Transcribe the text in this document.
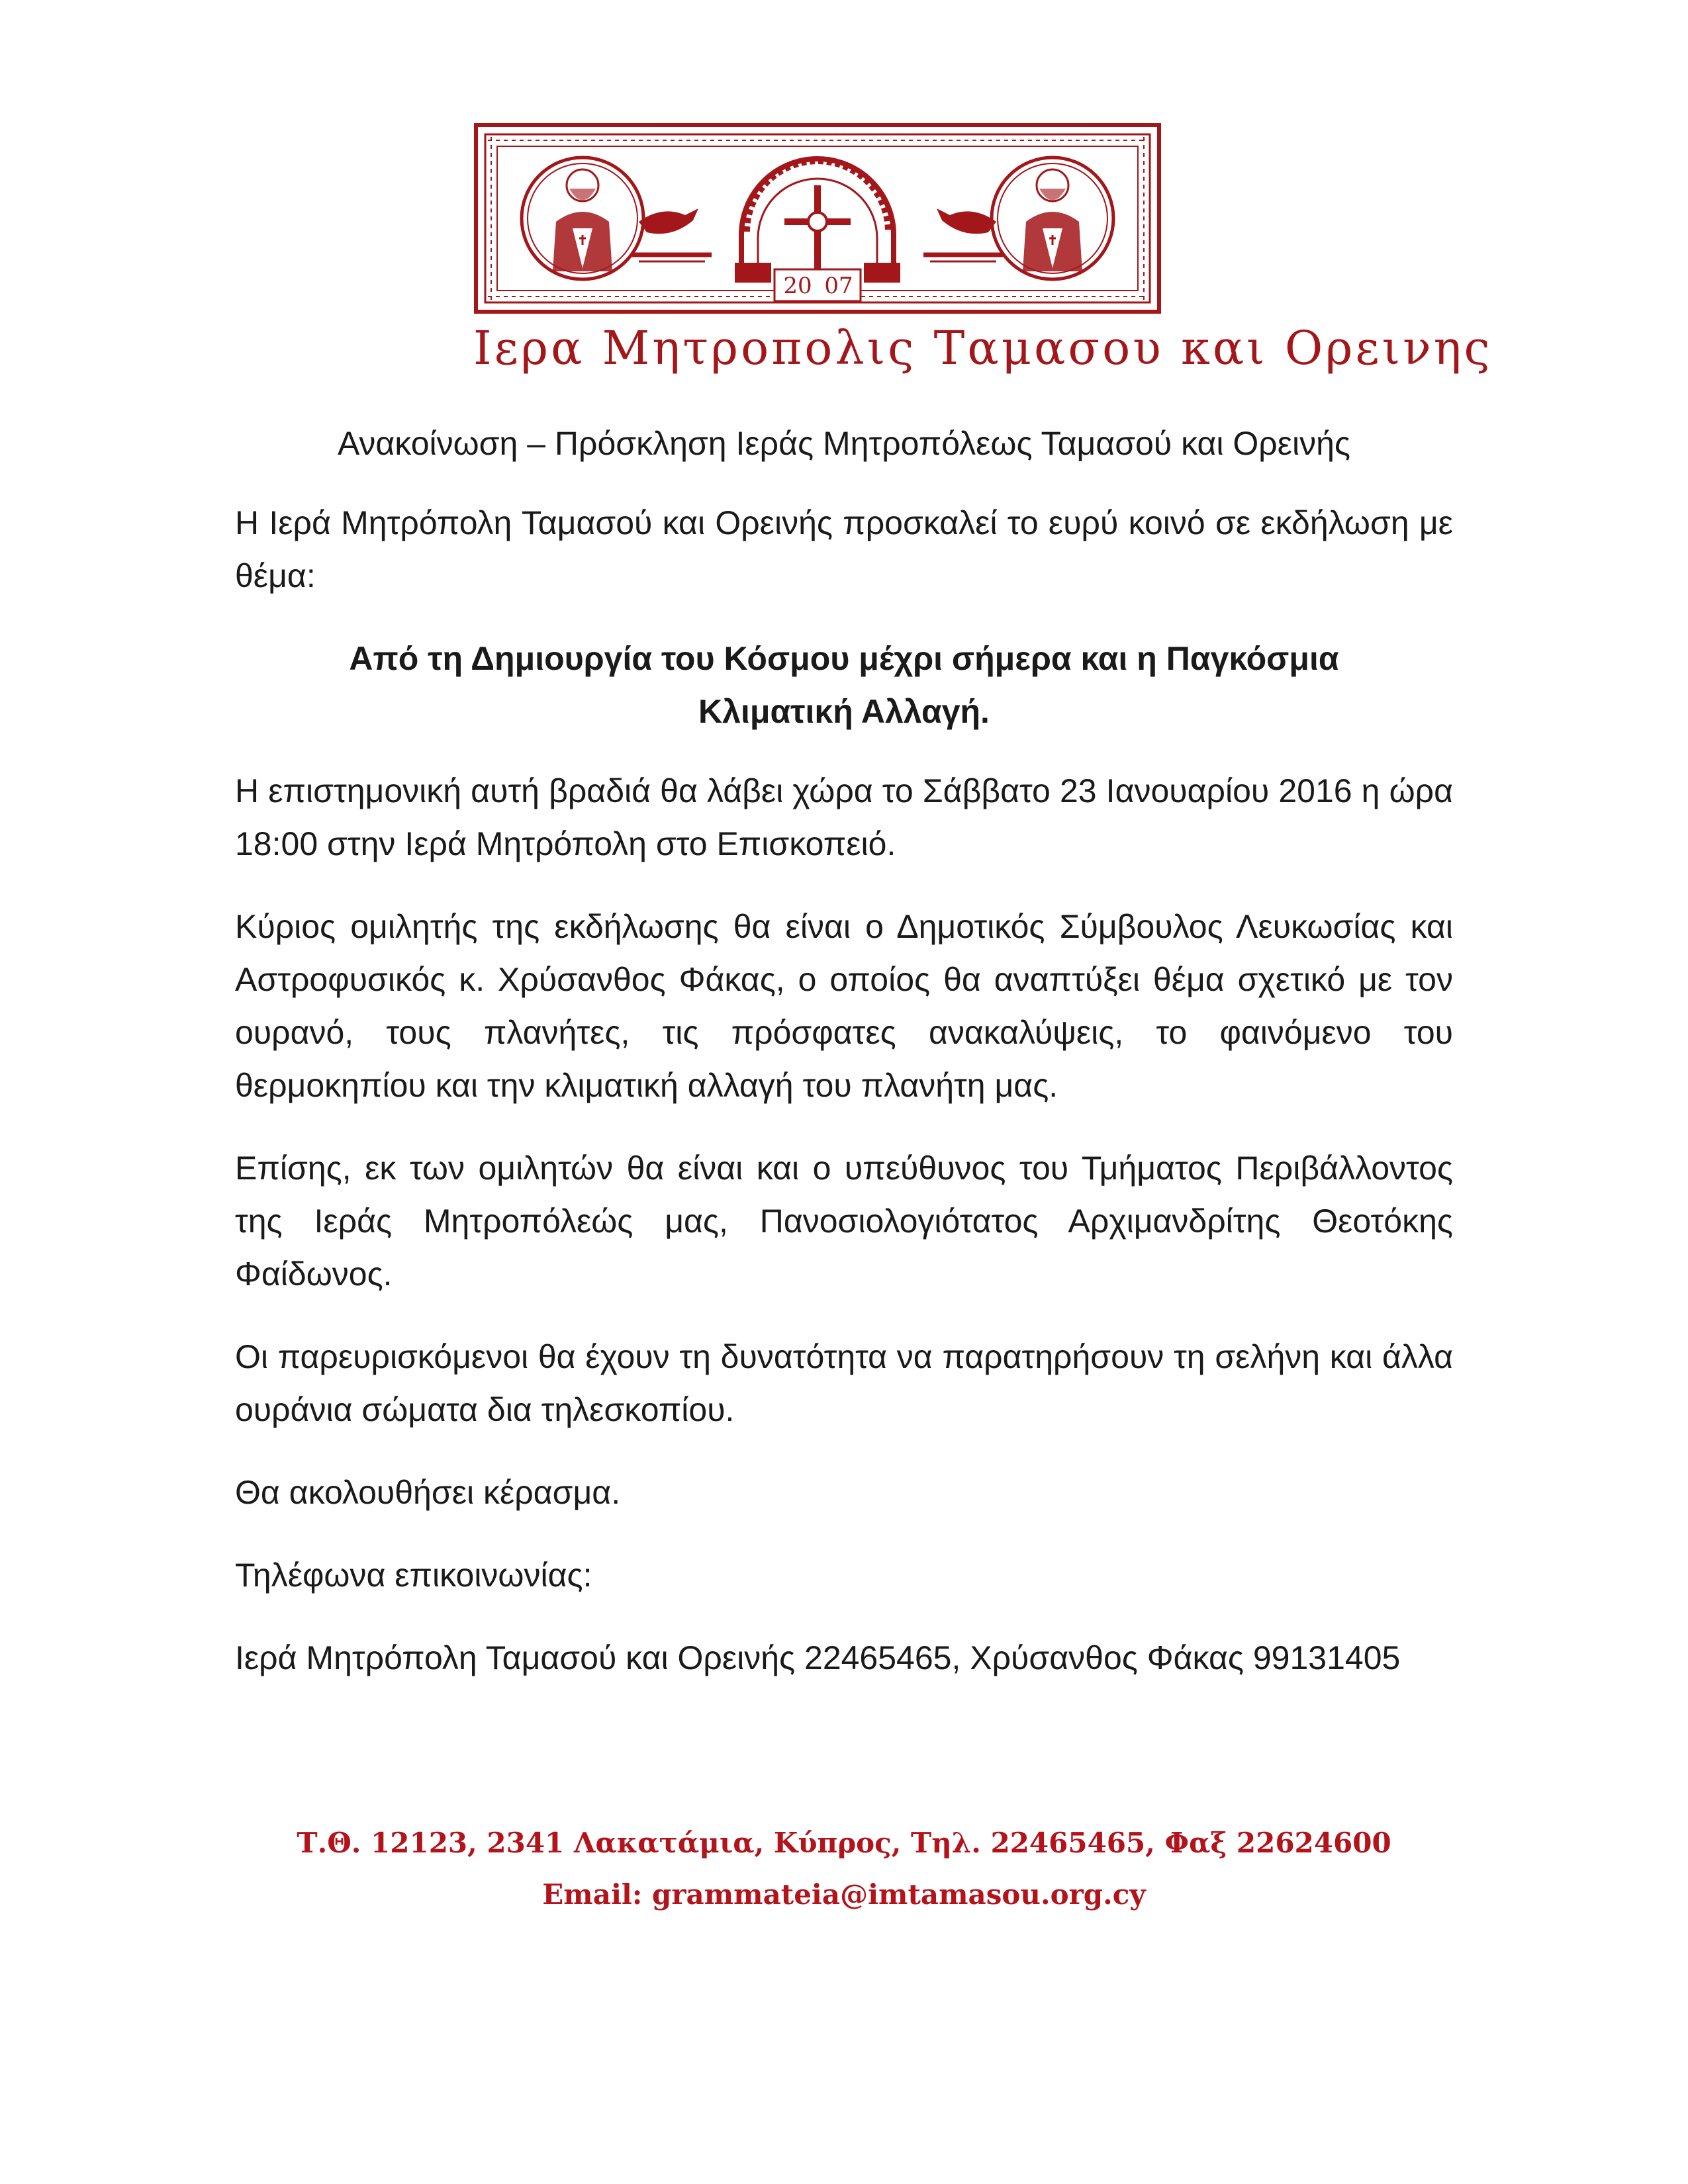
20 07
Ιερα Μητροπολις Ταμασου και Ορεινης

Ανακοίνωση – Πρόσκληση Ιεράς Μητροπόλεως Ταμασού και Ορεινής

Η Ιερά Μητρόπολη Ταμασού και Ορεινής προσκαλεί το ευρύ κοινό σε εκδήλωση με θέμα:

Από τη Δημιουργία του Κόσμου μέχρι σήμερα και η Παγκόσμια
Κλιματική Αλλαγή.

Η επιστημονική αυτή βραδιά θα λάβει χώρα το Σάββατο 23 Ιανουαρίου 2016 η ώρα 18:00 στην Ιερά Μητρόπολη στο Επισκοπειό.

Κύριος ομιλητής της εκδήλωσης θα είναι ο Δημοτικός Σύμβουλος Λευκωσίας και Αστροφυσικός κ. Χρύσανθος Φάκας, ο οποίος θα αναπτύξει θέμα σχετικό με τον ουρανό, τους πλανήτες, τις πρόσφατες ανακαλύψεις, το φαινόμενο του θερμοκηπίου και την κλιματική αλλαγή του πλανήτη μας.

Επίσης, εκ των ομιλητών θα είναι και ο υπεύθυνος του Τμήματος Περιβάλλοντος της Ιεράς Μητροπόλεώς μας, Πανοσιολογιότατος Αρχιμανδρίτης Θεοτόκης Φαίδωνος.

Οι παρευρισκόμενοι θα έχουν τη δυνατότητα να παρατηρήσουν τη σελήνη και άλλα ουράνια σώματα δια τηλεσκοπίου.

Θα ακολουθήσει κέρασμα.

Τηλέφωνα επικοινωνίας:

Ιερά Μητρόπολη Ταμασού και Ορεινής 22465465, Χρύσανθος Φάκας 99131405

Τ.Θ. 12123, 2341 Λακατάμια, Κύπρος, Τηλ. 22465465, Φαξ 22624600
Email: grammateia@imtamasou.org.cy
